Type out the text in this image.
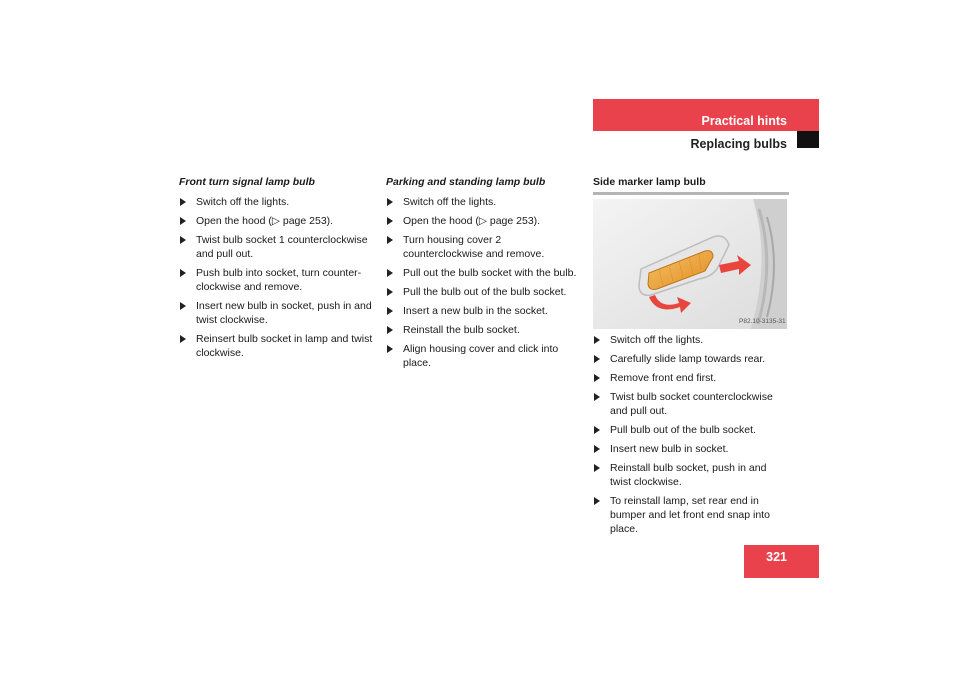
Practical hints
Replacing bulbs
Front turn signal lamp bulb
Switch off the lights.
Open the hood (▷ page 253).
Twist bulb socket 1 counterclockwise and pull out.
Push bulb into socket, turn counter-clockwise and remove.
Insert new bulb in socket, push in and twist clockwise.
Reinsert bulb socket in lamp and twist clockwise.
Parking and standing lamp bulb
Switch off the lights.
Open the hood (▷ page 253).
Turn housing cover 2 counterclockwise and remove.
Pull out the bulb socket with the bulb.
Pull the bulb out of the bulb socket.
Insert a new bulb in the socket.
Reinstall the bulb socket.
Align housing cover and click into place.
Side marker lamp bulb
P82.10-3135-31
Switch off the lights.
Carefully slide lamp towards rear.
Remove front end first.
Twist bulb socket counterclockwise and pull out.
Pull bulb out of the bulb socket.
Insert new bulb in socket.
Reinstall bulb socket, push in and twist clockwise.
To reinstall lamp, set rear end in bumper and let front end snap into place.
321
